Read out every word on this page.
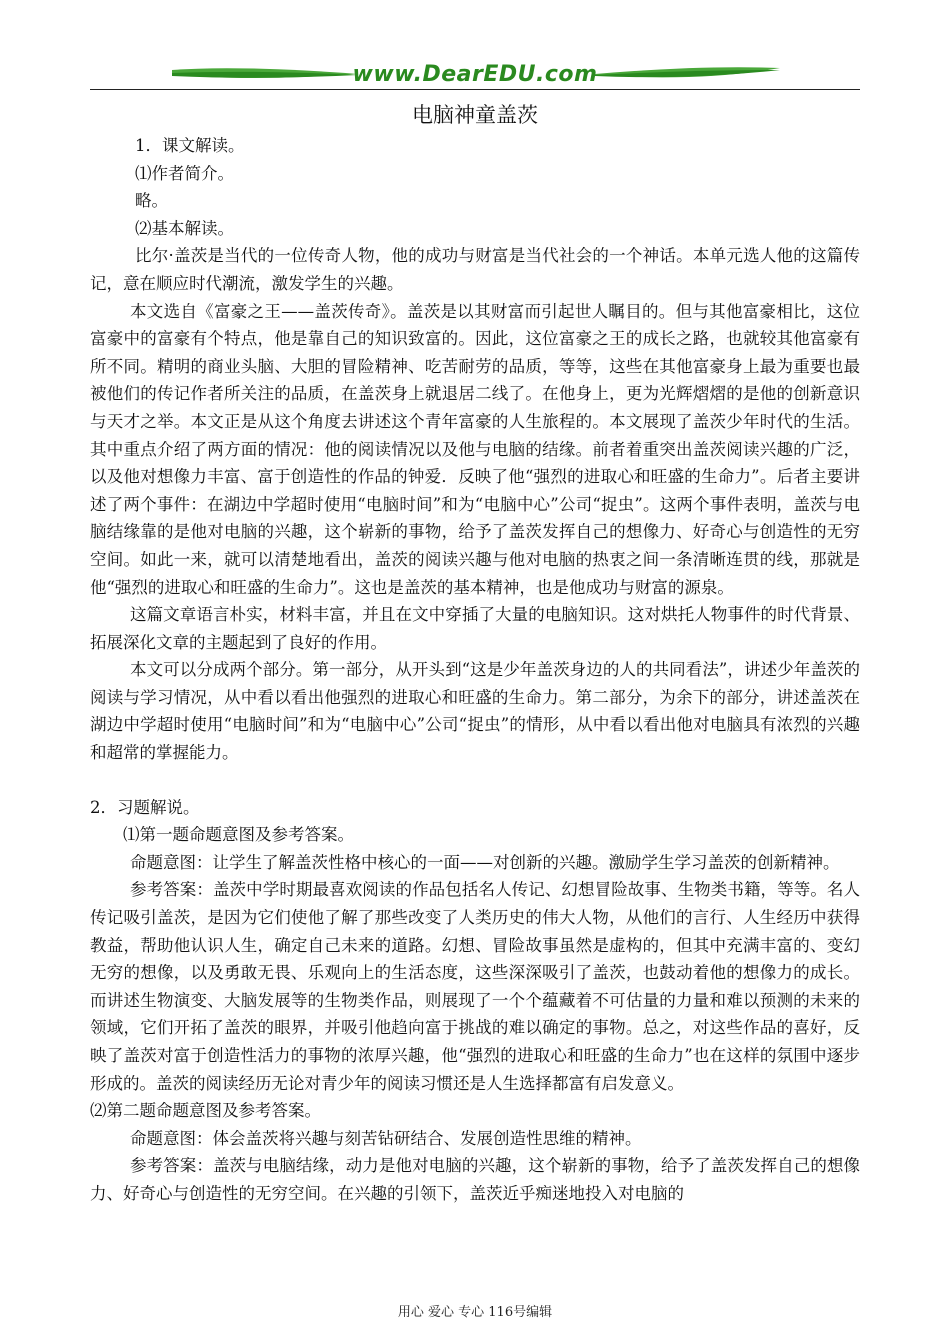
www.DearEDU.com
电脑神童盖茨

1．课文解读。

⑴作者简介。

略。

⑵基本解读。

比尔·盖茨是当代的一位传奇人物，他的成功与财富是当代社会的一个神话。本单元选人他的这篇传记，意在顺应时代潮流，激发学生的兴趣。

本文选自《富豪之王——盖茨传奇》。盖茨是以其财富而引起世人瞩目的。但与其他富豪相比，这位富豪中的富豪有个特点，他是靠自己的知识致富的。因此，这位富豪之王的成长之路，也就较其他富豪有所不同。精明的商业头脑、大胆的冒险精神、吃苦耐劳的品质，等等，这些在其他富豪身上最为重要也最被他们的传记作者所关注的品质，在盖茨身上就退居二线了。在他身上，更为光辉熠熠的是他的创新意识与天才之举。本文正是从这个角度去讲述这个青年富豪的人生旅程的。本文展现了盖茨少年时代的生活。其中重点介绍了两方面的情况：他的阅读情况以及他与电脑的结缘。前者着重突出盖茨阅读兴趣的广泛，以及他对想像力丰富、富于创造性的作品的钟爱．反映了他“强烈的进取心和旺盛的生命力”。后者主要讲述了两个事件：在湖边中学超时使用“电脑时间”和为“电脑中心”公司“捉虫”。这两个事件表明，盖茨与电脑结缘靠的是他对电脑的兴趣，这个崭新的事物，给予了盖茨发挥自己的想像力、好奇心与创造性的无穷空间。如此一来，就可以清楚地看出，盖茨的阅读兴趣与他对电脑的热衷之间一条清晰连贯的线，那就是他“强烈的进取心和旺盛的生命力”。这也是盖茨的基本精神，也是他成功与财富的源泉。

这篇文章语言朴实，材料丰富，并且在文中穿插了大量的电脑知识。这对烘托人物事件的时代背景、拓展深化文章的主题起到了良好的作用。

本文可以分成两个部分。第一部分，从开头到“这是少年盖茨身边的人的共同看法”，讲述少年盖茨的阅读与学习情况，从中看以看出他强烈的进取心和旺盛的生命力。第二部分，为余下的部分，讲述盖茨在湖边中学超时使用“电脑时间”和为“电脑中心”公司“捉虫”的情形，从中看以看出他对电脑具有浓烈的兴趣和超常的掌握能力。

2．习题解说。

⑴第一题命题意图及参考答案。

命题意图：让学生了解盖茨性格中核心的一面——对创新的兴趣。激励学生学习盖茨的创新精神。

参考答案：盖茨中学时期最喜欢阅读的作品包括名人传记、幻想冒险故事、生物类书籍，等等。名人传记吸引盖茨，是因为它们使他了解了那些改变了人类历史的伟大人物，从他们的言行、人生经历中获得教益，帮助他认识人生，确定自己未来的道路。幻想、冒险故事虽然是虚构的，但其中充满丰富的、变幻无穷的想像，以及勇敢无畏、乐观向上的生活态度，这些深深吸引了盖茨，也鼓动着他的想像力的成长。而讲述生物演变、大脑发展等的生物类作品，则展现了一个个蕴藏着不可估量的力量和难以预测的未来的领域，它们开拓了盖茨的眼界，并吸引他趋向富于挑战的难以确定的事物。总之，对这些作品的喜好，反映了盖茨对富于创造性活力的事物的浓厚兴趣，他“强烈的进取心和旺盛的生命力”也在这样的氛围中逐步形成的。盖茨的阅读经历无论对青少年的阅读习惯还是人生选择都富有启发意义。

⑵第二题命题意图及参考答案。

命题意图：体会盖茨将兴趣与刻苦钻研结合、发展创造性思维的精神。

参考答案：盖茨与电脑结缘，动力是他对电脑的兴趣，这个崭新的事物，给予了盖茨发挥自己的想像力、好奇心与创造性的无穷空间。在兴趣的引领下，盖茨近乎痴迷地投入对电脑的

用心 爱心 专心 116号编辑
